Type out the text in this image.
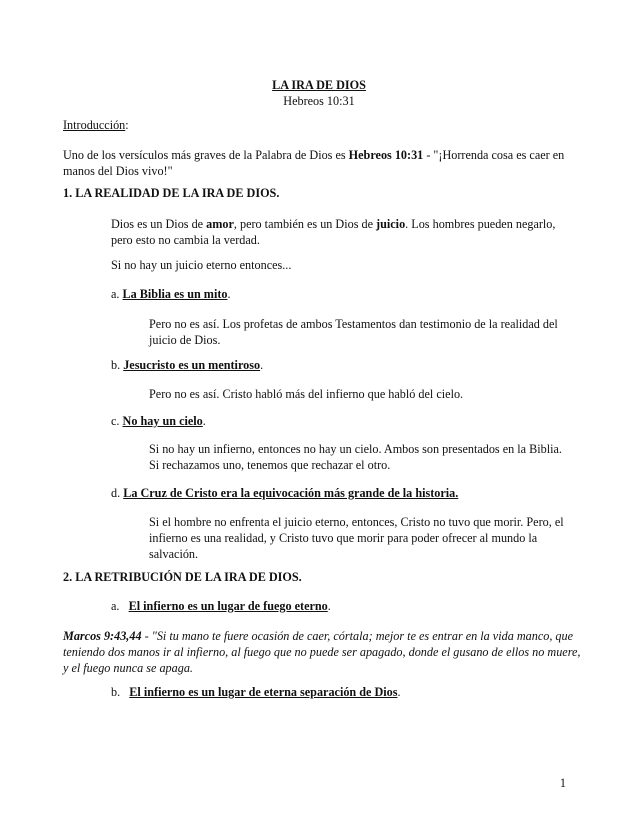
LA IRA DE DIOS
Hebreos 10:31
Introducción:
Uno de los versículos más graves de la Palabra de Dios es Hebreos 10:31 - "¡Horrenda cosa es caer en manos del Dios vivo!"
1. LA REALIDAD DE LA IRA DE DIOS.
Dios es un Dios de amor, pero también es un Dios de juicio. Los hombres pueden negarlo, pero esto no cambia la verdad.
Si no hay un juicio eterno entonces...
a. La Biblia es un mito.
Pero no es así. Los profetas de ambos Testamentos dan testimonio de la realidad del juicio de Dios.
b. Jesucristo es un mentiroso.
Pero no es así. Cristo habló más del infierno que habló del cielo.
c. No hay un cielo.
Si no hay un infierno, entonces no hay un cielo. Ambos son presentados en la Biblia. Si rechazamos uno, tenemos que rechazar el otro.
d. La Cruz de Cristo era la equivocación más grande de la historia.
Si el hombre no enfrenta el juicio eterno, entonces, Cristo no tuvo que morir. Pero, el infierno es una realidad, y Cristo tuvo que morir para poder ofrecer al mundo la salvación.
2. LA RETRIBUCIÓN DE LA IRA DE DIOS.
a. El infierno es un lugar de fuego eterno.
Marcos 9:43,44 - "Si tu mano te fuere ocasión de caer, córtala; mejor te es entrar en la vida manco, que teniendo dos manos ir al infierno, al fuego que no puede ser apagado, donde el gusano de ellos no muere, y el fuego nunca se apaga.
b. El infierno es un lugar de eterna separación de Dios.
1
